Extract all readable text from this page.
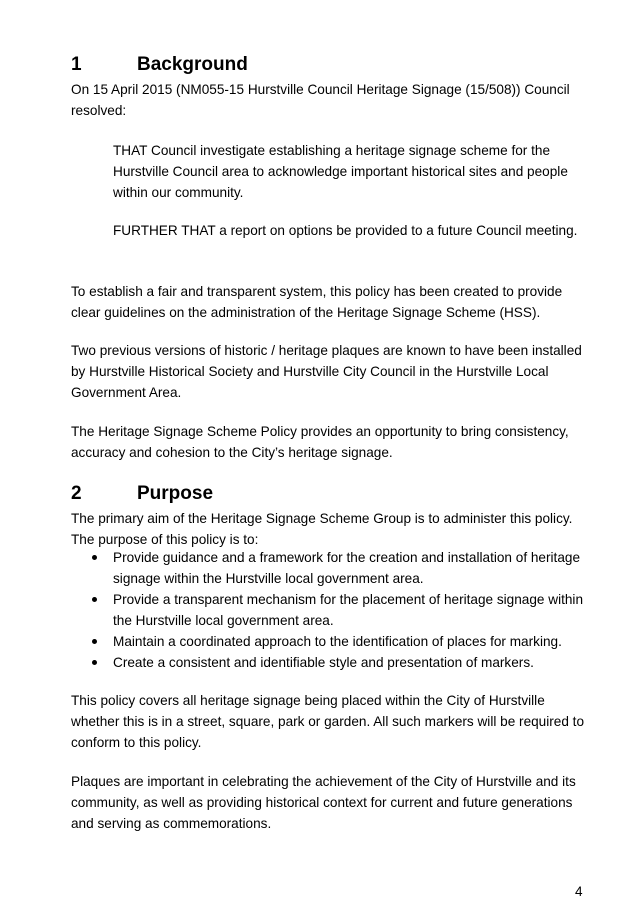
1	Background
On 15 April 2015 (NM055-15 Hurstville Council Heritage Signage (15/508)) Council resolved:
THAT Council investigate establishing a heritage signage scheme for the Hurstville Council area to acknowledge important historical sites and people within our community.
FURTHER THAT a report on options be provided to a future Council meeting.
To establish a fair and transparent system, this policy has been created to provide clear guidelines on the administration of the Heritage Signage Scheme (HSS).
Two previous versions of historic / heritage plaques are known to have been installed by Hurstville Historical Society and Hurstville City Council in the Hurstville Local Government Area.
The Heritage Signage Scheme Policy provides an opportunity to bring consistency, accuracy and cohesion to the City’s heritage signage.
2	Purpose
The primary aim of the Heritage Signage Scheme Group is to administer this policy. The purpose of this policy is to:
Provide guidance and a framework for the creation and installation of heritage signage within the Hurstville local government area.
Provide a transparent mechanism for the placement of heritage signage within the Hurstville local government area.
Maintain a coordinated approach to the identification of places for marking.
Create a consistent and identifiable style and presentation of markers.
This policy covers all heritage signage being placed within the City of Hurstville whether this is in a street, square, park or garden. All such markers will be required to conform to this policy.
Plaques are important in celebrating the achievement of the City of Hurstville and its community, as well as providing historical context for current and future generations and serving as commemorations.
4
